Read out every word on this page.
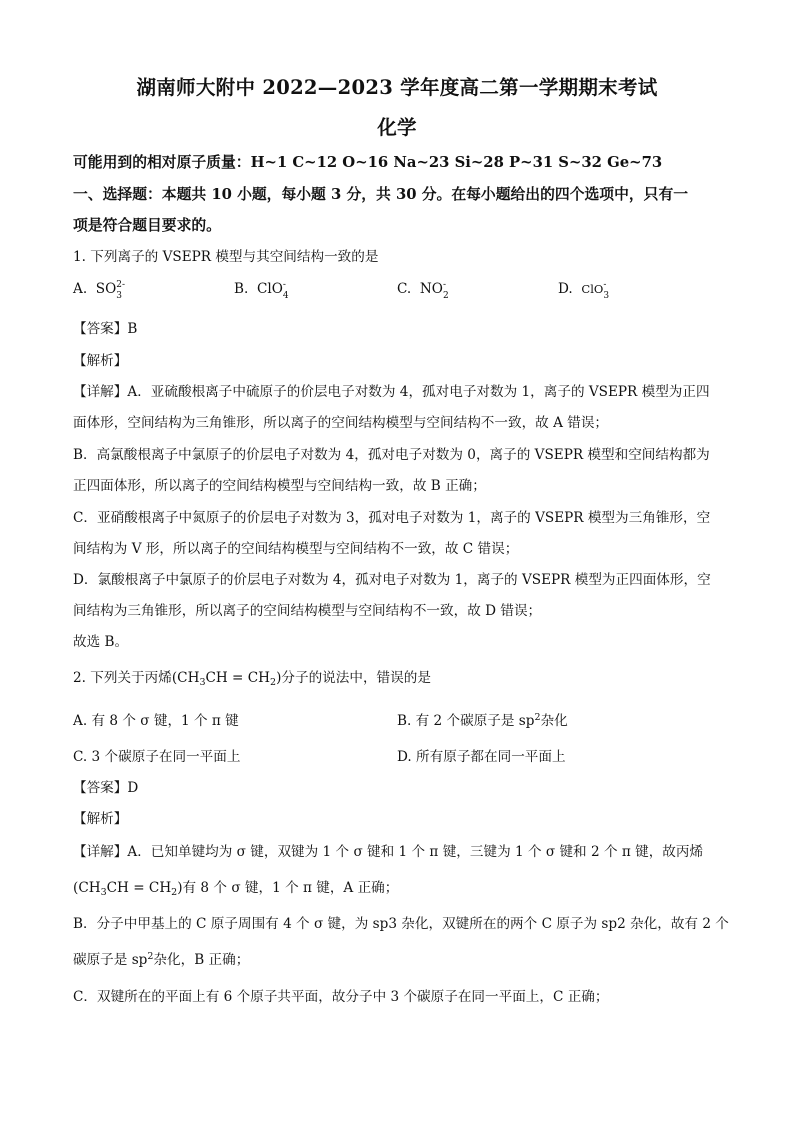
湖南师大附中 2022—2023 学年度高二第一学期期末考试
化学
可能用到的相对原子质量：H~1 C~12 O~16 Na~23 Si~28 P~31 S~32 Ge~73
一、选择题：本题共 10 小题，每小题 3 分，共 30 分。在每小题给出的四个选项中，只有一
项是符合题目要求的。
1. 下列离子的 VSEPR 模型与其空间结构一致的是
A. SO 2-
3	B. ClO -
4	C. NO -
2	D. ClO -
3
【答案】B
【解析】
【详解】A．亚硫酸根离子中硫原子的价层电子对数为 4，孤对电子对数为 1，离子的 VSEPR 模型为正四
面体形，空间结构为三角锥形，所以离子的空间结构模型与空间结构不一致，故 A 错误；
B．高氯酸根离子中氯原子的价层电子对数为 4，孤对电子对数为 0，离子的 VSEPR 模型和空间结构都为
正四面体形，所以离子的空间结构模型与空间结构一致，故 B 正确；
C．亚硝酸根离子中氮原子的价层电子对数为 3，孤对电子对数为 1，离子的 VSEPR 模型为三角锥形，空
间结构为 V 形，所以离子的空间结构模型与空间结构不一致，故 C 错误；
D．氯酸根离子中氯原子的价层电子对数为 4，孤对电子对数为 1，离子的 VSEPR 模型为正四面体形，空
间结构为三角锥形，所以离子的空间结构模型与空间结构不一致，故 D 错误；
故选 B。
2. 下列关于丙烯$(CH_3CH = CH_2)$分子的说法中，错误的是
A. 有 8 个 σ 键，1 个 π 键	B. 有 2 个碳原子是 $sp^2$杂化
C. 3 个碳原子在同一平面上	D. 所有原子都在同一平面上
【答案】D
【解析】
【详解】A．已知单键均为 σ 键，双键为 1 个 σ 键和 1 个 π 键，三键为 1 个 σ 键和 2 个 π 键，故丙烯
$(CH_3CH = CH_2)$有 8 个 σ 键，1 个 π 键，A 正确；
B．分子中甲基上的 C 原子周围有 4 个 σ 键，为 sp3 杂化，双键所在的两个 C 原子为 sp2 杂化，故有 2 个
碳原子是 $sp^2$杂化，B 正确；
C．双键所在的平面上有 6 个原子共平面，故分子中 3 个碳原子在同一平面上，C 正确；
